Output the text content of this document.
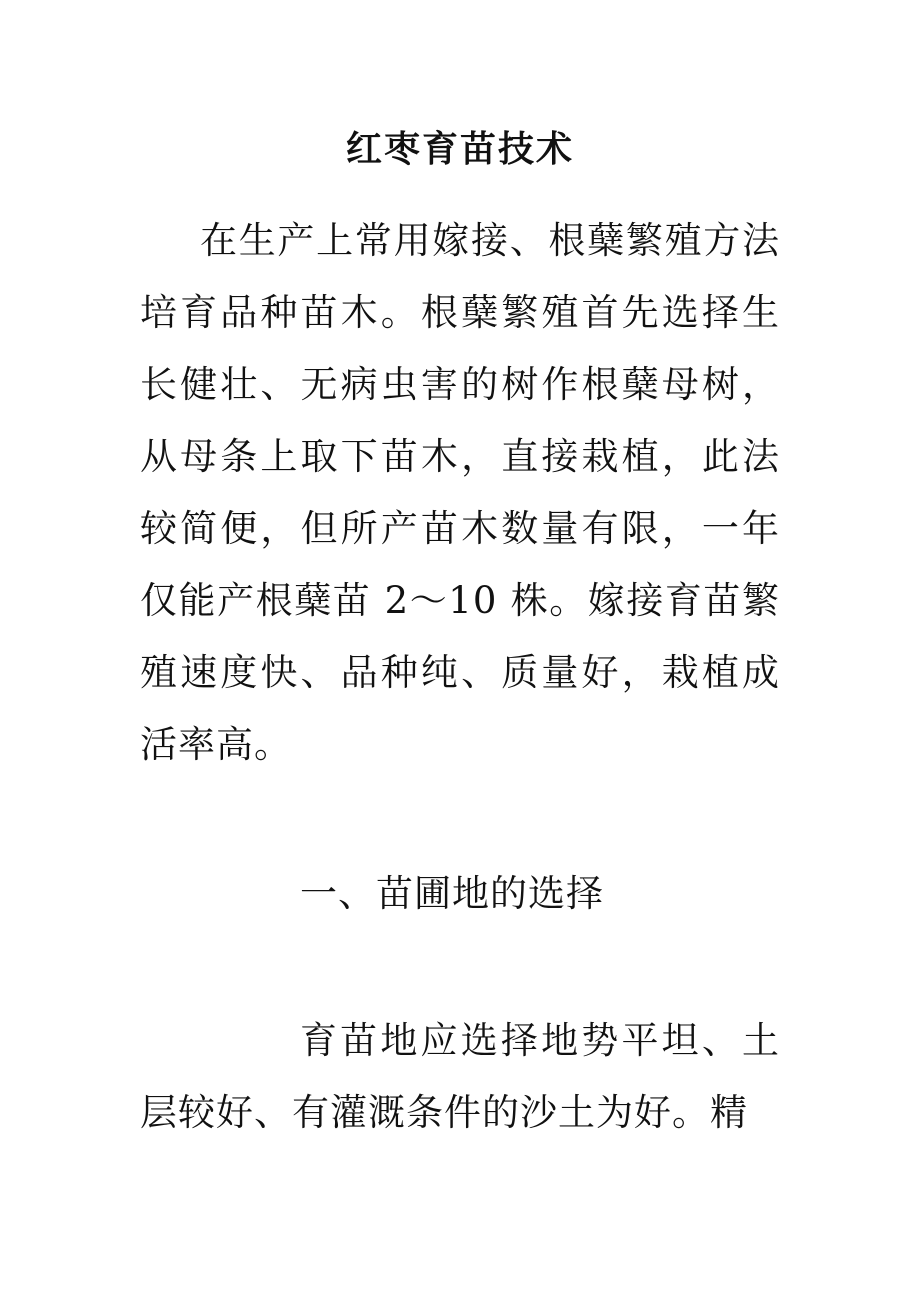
红枣育苗技术

在生产上常用嫁接、根蘖繁殖方法培育品种苗木。根蘖繁殖首先选择生长健壮、无病虫害的树作根蘖母树，从母条上取下苗木，直接栽植，此法较简便，但所产苗木数量有限，一年仅能产根蘖苗 2～10 株。嫁接育苗繁殖速度快、品种纯、质量好，栽植成活率高。

一、苗圃地的选择

育苗地应选择地势平坦、土层较好、有灌溉条件的沙土为好。精
